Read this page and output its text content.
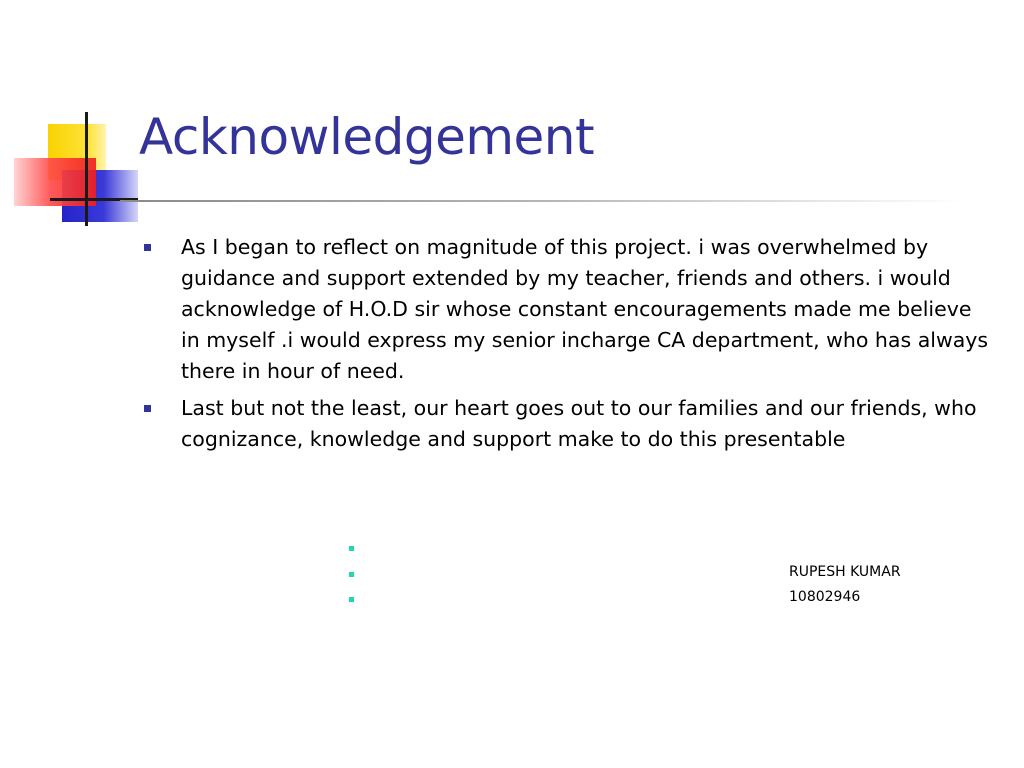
Acknowledgement
As I began to reflect on magnitude of this project. i was overwhelmed by guidance and support extended by my teacher, friends and others. i would acknowledge of H.O.D sir whose constant encouragements made me believe in myself .i would express my senior incharge CA department, who has always there in hour of need.
Last but not the least, our heart goes out to our families and our friends, who cognizance, knowledge and support make to do this presentable

RUPESH KUMAR

10802946
